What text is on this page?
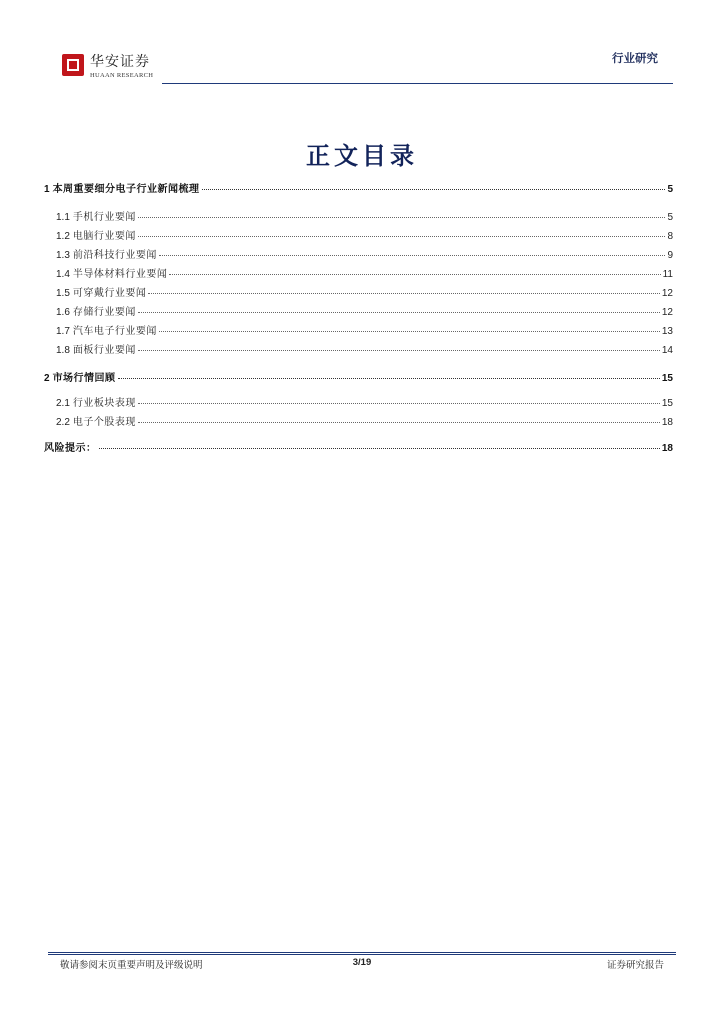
华安证券
HUAAN RESEARCH
行业研究
正文目录
1 本周重要细分电子行业新闻梳理	5
1.1 手机行业要闻	5
1.2 电脑行业要闻	8
1.3 前沿科技行业要闻	9
1.4 半导体材料行业要闻	11
1.5 可穿戴行业要闻	12
1.6 存储行业要闻	12
1.7 汽车电子行业要闻	13
1.8 面板行业要闻	14
2 市场行情回顾	15
2.1 行业板块表现	15
2.2 电子个股表现	18
风险提示：	18
敬请参阅末页重要声明及评级说明	3/19	证券研究报告
